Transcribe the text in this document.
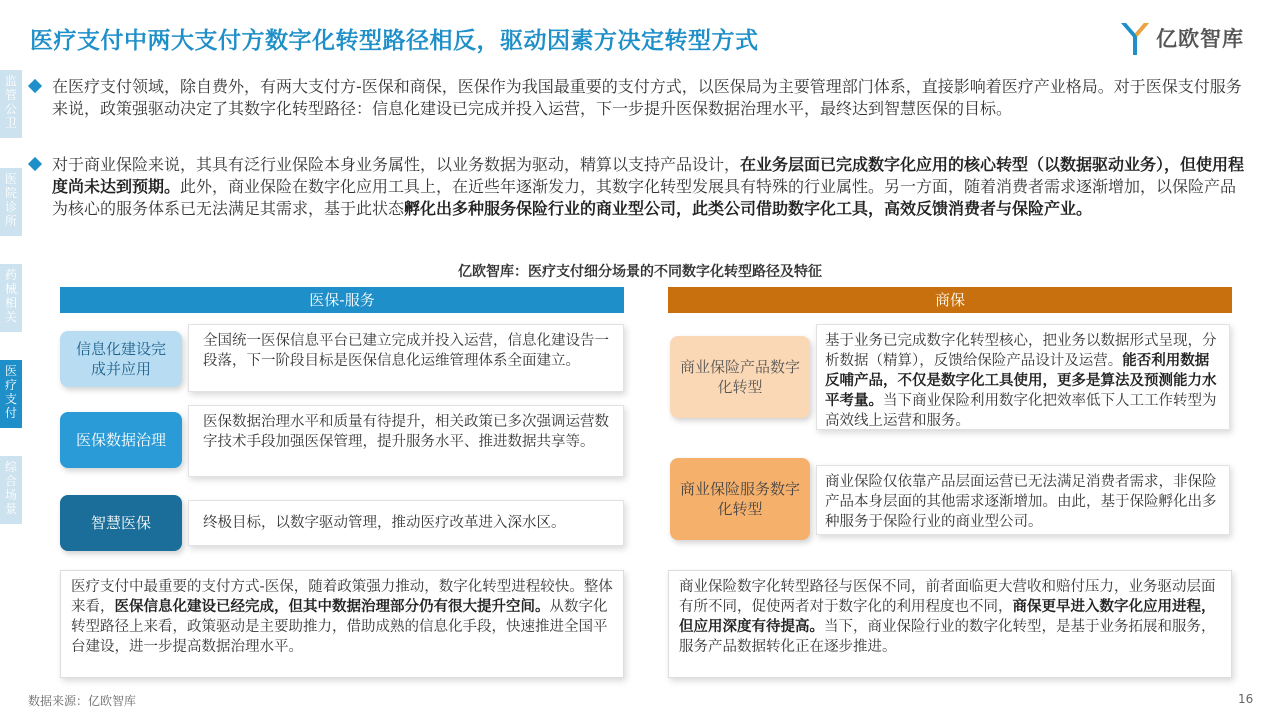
医疗支付中两大支付方数字化转型路径相反，驱动因素方决定转型方式	亿欧智库
监
管
公
卫
医
院
诊
所
药
械
相
关
医
疗
支
付
综
合
场
景
在医疗支付领域，除自费外，有两大支付方-医保和商保，医保作为我国最重要的支付方式，以医保局为主要管理部门体系，直接影响着医疗产业格局。对于医保支付服务来说，政策强驱动决定了其数字化转型路径：信息化建设已完成并投入运营，下一步提升医保数据治理水平，最终达到智慧医保的目标。
对于商业保险来说，其具有泛行业保险本身业务属性，以业务数据为驱动，精算以支持产品设计，在业务层面已完成数字化应用的核心转型（以数据驱动业务），但使用程度尚未达到预期。此外，商业保险在数字化应用工具上，在近些年逐渐发力，其数字化转型发展具有特殊的行业属性。另一方面，随着消费者需求逐渐增加，以保险产品为核心的服务体系已无法满足其需求，基于此状态孵化出多种服务保险行业的商业型公司，此类公司借助数字化工具，高效反馈消费者与保险产业。
亿欧智库：医疗支付细分场景的不同数字化转型路径及特征
医保-服务	商保
信息化建设完成并应用
全国统一医保信息平台已建立完成并投入运营，信息化建设告一段落，下一阶段目标是医保信息化运维管理体系全面建立。
医保数据治理
医保数据治理水平和质量有待提升，相关政策已多次强调运营数字技术手段加强医保管理，提升服务水平、推进数据共享等。
智慧医保	终极目标，以数字驱动管理，推动医疗改革进入深水区。
商业保险产品数字化转型
基于业务已完成数字化转型核心，把业务以数据形式呈现，分析数据（精算），反馈给保险产品设计及运营。能否利用数据反哺产品，不仅是数字化工具使用，更多是算法及预测能力水平考量。当下商业保险利用数字化把效率低下人工工作转型为高效线上运营和服务。
商业保险服务数字化转型
商业保险仅依靠产品层面运营已无法满足消费者需求，非保险产品本身层面的其他需求逐渐增加。由此，基于保险孵化出多种服务于保险行业的商业型公司。
医疗支付中最重要的支付方式-医保，随着政策强力推动，数字化转型进程较快。整体来看，医保信息化建设已经完成，但其中数据治理部分仍有很大提升空间。从数字化转型路径上来看，政策驱动是主要助推力，借助成熟的信息化手段，快速推进全国平台建设，进一步提高数据治理水平。
商业保险数字化转型路径与医保不同，前者面临更大营收和赔付压力，业务驱动层面有所不同，促使两者对于数字化的利用程度也不同，商保更早进入数字化应用进程，但应用深度有待提高。当下，商业保险行业的数字化转型，是基于业务拓展和服务，服务产品数据转化正在逐步推进。
数据来源：亿欧智库	16
